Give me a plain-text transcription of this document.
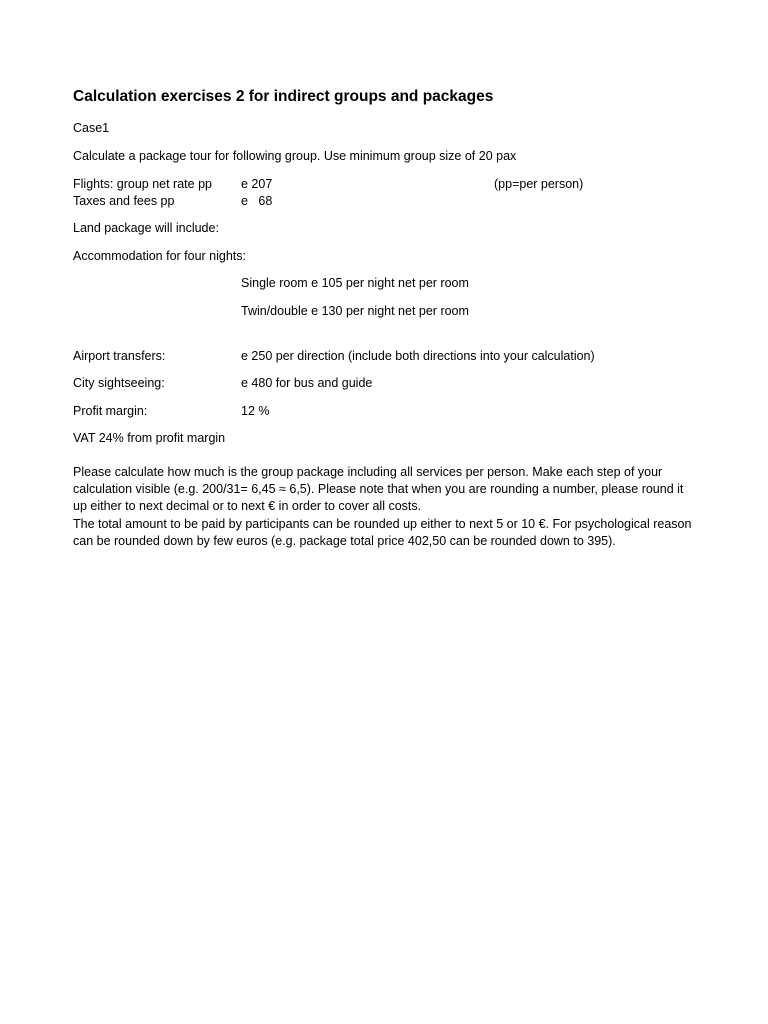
Calculation exercises 2 for indirect groups and packages
Case1
Calculate a package tour for following group. Use minimum group size of 20 pax
Flights: group net rate pp e 207	(pp=per person)
Taxes and fees pp	e   68
Land package will include:
Accommodation for four nights:
Single room e 105 per night net per room
Twin/double e 130 per night net per room
Airport transfers:	e 250 per direction (include both directions into your calculation)
City sightseeing:	e 480 for bus and guide
Profit margin:	12 %
VAT 24% from profit margin
Please calculate how much is the group package including all services per person. Make each step of your calculation visible (e.g. 200/31= 6,45 ≈ 6,5). Please note that when you are rounding a number, please round it up either to next decimal or to next € in order to cover all costs.
The total amount to be paid by participants can be rounded up either to next 5 or 10 €. For psychological reason can be rounded down by few euros (e.g. package total price 402,50 can be rounded down to 395).
